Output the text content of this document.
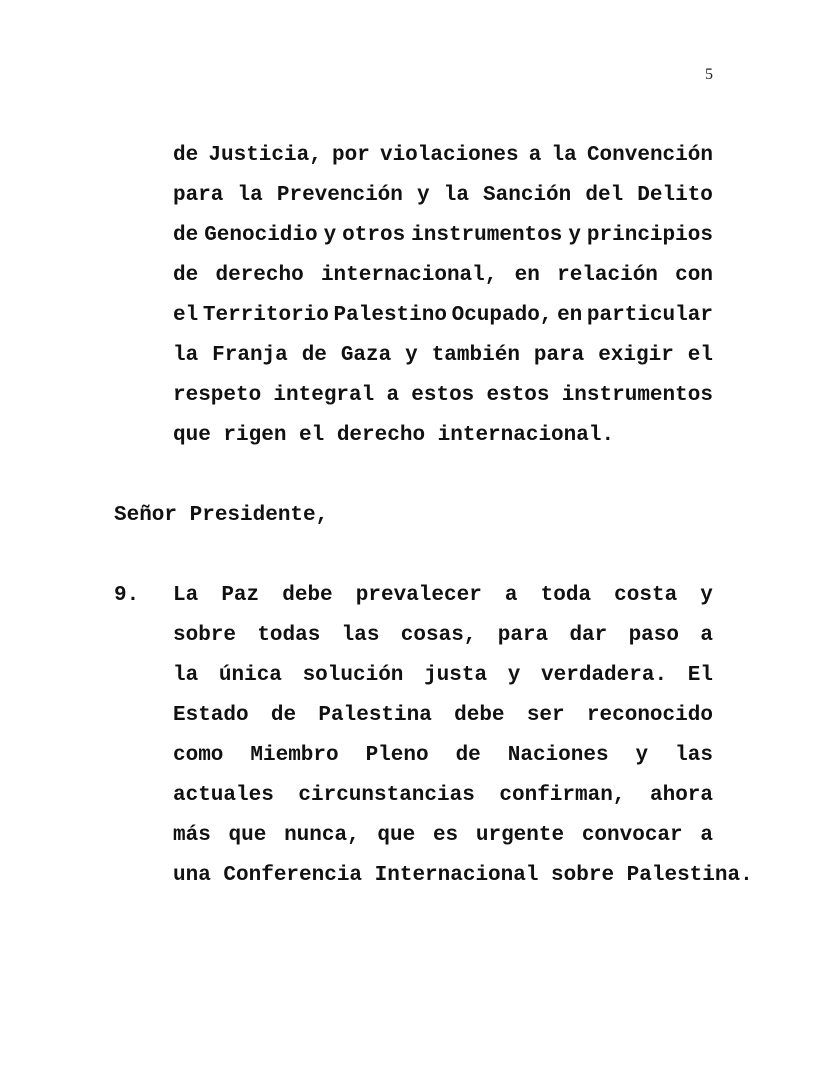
5
de Justicia, por violaciones a la Convención
para la Prevención y la Sanción del Delito
de Genocidio y otros instrumentos y principios
de derecho internacional, en relación con
el Territorio Palestino Ocupado, en particular
la Franja de Gaza y también para exigir el
respeto integral a estos estos instrumentos
que rigen el derecho internacional.
Señor Presidente,
9. La Paz debe prevalecer a toda costa y
sobre todas las cosas, para dar paso a
la única solución justa y verdadera. El
Estado de Palestina debe ser reconocido
como Miembro Pleno de Naciones y las
actuales circunstancias confirman, ahora
más que nunca, que es urgente convocar a
una Conferencia Internacional sobre Palestina.
